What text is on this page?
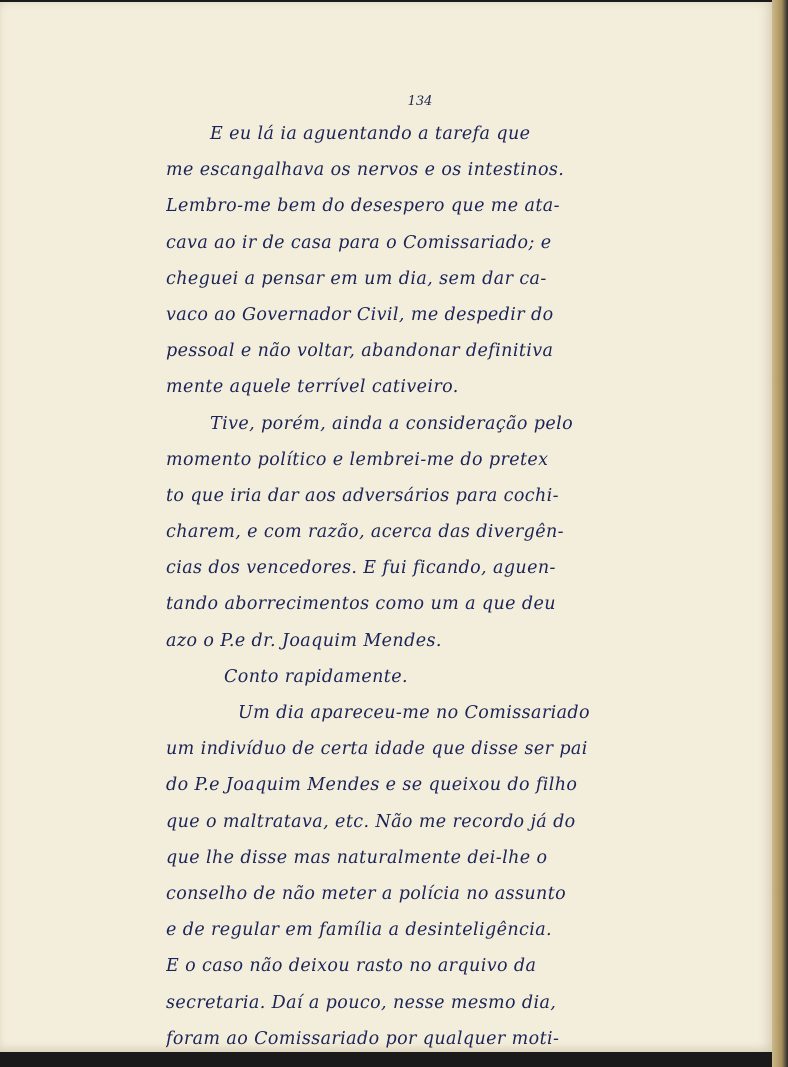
134
E eu lá ia aguentando a tarefa que
me escangalhava os nervos e os intestinos.
Lembro-me bem do desespero que me ata-
cava ao ir de casa para o Comissariado; e
cheguei a pensar em um dia, sem dar ca-
vaco ao Governador Civil, me despedir do
pessoal e não voltar, abandonar definitiva
mente aquele terrível cativeiro.
Tive, porém, ainda a consideração pelo
momento político e lembrei-me do pretex
to que iria dar aos adversários para cochi-
charem, e com razão, acerca das divergên-
cias dos vencedores. E fui ficando, aguen-
tando aborrecimentos como um a que deu
azo o P.e dr. Joaquim Mendes.
Conto rapidamente.
Um dia apareceu-me no Comissariado
um indivíduo de certa idade que disse ser pai
do P.e Joaquim Mendes e se queixou do filho
que o maltratava, etc. Não me recordo já do
que lhe disse mas naturalmente dei-lhe o
conselho de não meter a polícia no assunto
e de regular em família a desinteligência.
E o caso não deixou rasto no arquivo da
secretaria. Daí a pouco, nesse mesmo dia,
foram ao Comissariado por qualquer moti-
